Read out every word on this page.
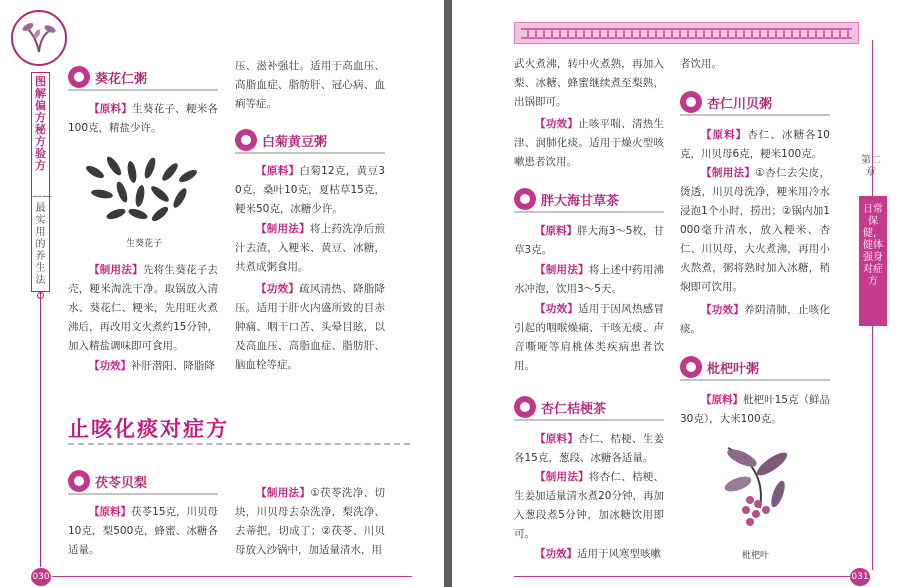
图解偏方秘方验方
——最实用的养生法
葵花仁粥
【原料】生葵花子、粳米各100克，精盐少许。
生葵花子
【制用法】先将生葵花子去壳，粳米淘洗干净。取锅放入清水、葵花仁、粳米，先用旺火煮沸后，再改用文火煮约15分钟，加入精盐调味即可食用。
【功效】补肝潜阳、降脂降
压、滋补强壮。适用于高血压、高脂血症、脂肪肝、冠心病、血痢等症。
白菊黄豆粥
【原料】白菊12克，黄豆30克，桑叶10克，夏枯草15克，粳米50克，冰糖少许。
【制用法】将上药洗净后煎汁去渣，入粳米、黄豆、冰糖，共煮成粥食用。
【功效】疏风清热、降脂降压。适用于肝火内盛所致的目赤肿痛、咽干口苦、头晕目眩，以及高血压、高脂血症、脂肪肝、脑血栓等症。
止咳化痰对症方
茯苓贝梨
【原料】茯苓15克，川贝母10克，梨500克，蜂蜜、冰糖各适量。
【制用法】①茯苓洗净、切块，川贝母去杂洗净，梨洗净、去蒂把，切成丁；②茯苓、川贝母放入沙锅中，加适量清水，用
030
武火煮沸，转中火煮熟，再加入梨、冰糖、蜂蜜继续煮至梨熟，出锅即可。
【功效】止咳平喘、清热生津、润肺化痰。适用于燥火型咳嗽患者饮用。
胖大海甘草茶
【原料】胖大海3～5枚，甘草3克。
【制用法】将上述中药用沸水冲泡，饮用3～5天。
【功效】适用于因风热感冒引起的咽喉燥痛、干咳无痰、声音嘶哑等肩桃体类疾病患者饮用。
杏仁桔梗茶
【原料】杏仁、桔梗、生姜各15克，葱段、冰糖各适量。
【制用法】将杏仁、桔梗、生姜加适量清水煮20分钟，再加入葱段煮5分钟，加冰糖饮用即可。
【功效】适用于风寒型咳嗽
者饮用。
杏仁川贝粥
【原料】杏仁、冰糖各10克，川贝母6克，粳米100克。
【制用法】①杏仁去尖皮，烫透，川贝母洗净，粳米用冷水浸泡1个小时，捞出；②锅内加1000毫升清水，放入粳米、杏仁、川贝母，大火煮沸，再用小火熬煮，粥将熟时加入冰糖，稍焖即可饮用。
【功效】养阴清肺，止咳化痰。
枇杷叶粥
【原料】枇杷叶15克（鲜品30克），大米100克。
枇杷叶
第二章
日常保健，健体强身对症方
031
